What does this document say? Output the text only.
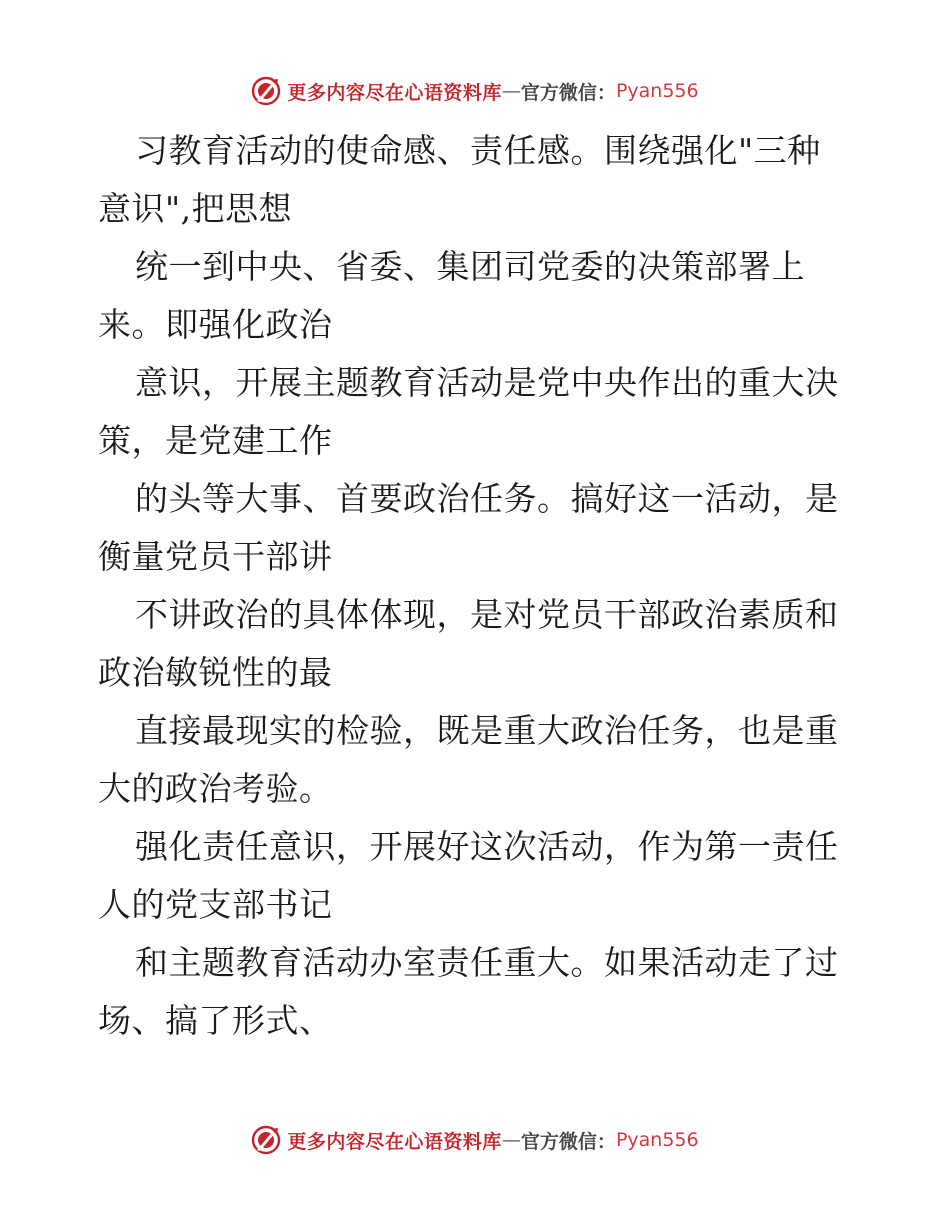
更多内容尽在心语资料库 — 官方微信： Pyan556
习教育活动的使命感、责任感。围绕强化"三种
意识",把思想
统一到中央、省委、集团司党委的决策部署上
来。即强化政治
意识，开展主题教育活动是党中央作出的重大决
策，是党建工作
的头等大事、首要政治任务。搞好这一活动，是
衡量党员干部讲
不讲政治的具体体现，是对党员干部政治素质和
政治敏锐性的最
直接最现实的检验，既是重大政治任务，也是重
大的政治考验。
强化责任意识，开展好这次活动，作为第一责任
人的党支部书记
和主题教育活动办室责任重大。如果活动走了过
场、搞了形式、
更多内容尽在心语资料库 — 官方微信： Pyan556
